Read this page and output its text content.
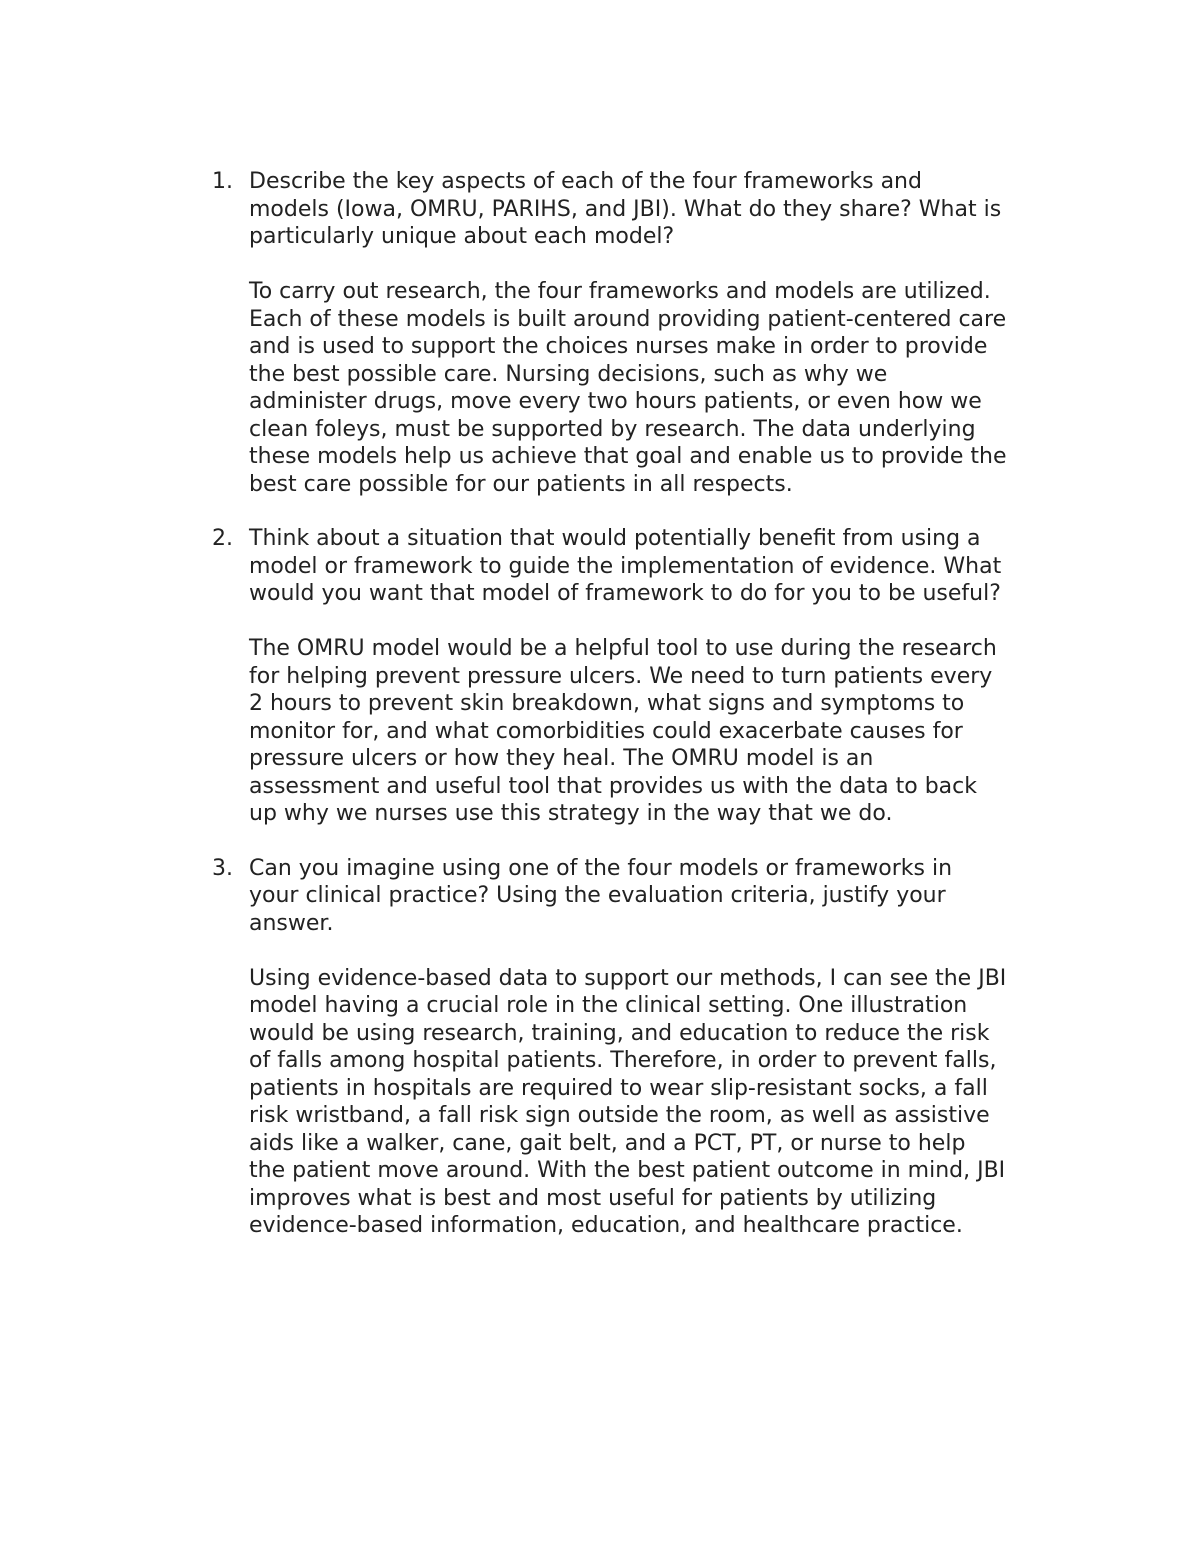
1. Describe the key aspects of each of the four frameworks and
models (Iowa, OMRU, PARIHS, and JBI). What do they share? What is
particularly unique about each model?

To carry out research, the four frameworks and models are utilized.
Each of these models is built around providing patient-centered care
and is used to support the choices nurses make in order to provide
the best possible care. Nursing decisions, such as why we
administer drugs, move every two hours patients, or even how we
clean foleys, must be supported by research. The data underlying
these models help us achieve that goal and enable us to provide the
best care possible for our patients in all respects.

2. Think about a situation that would potentially benefit from using a
model or framework to guide the implementation of evidence. What
would you want that model of framework to do for you to be useful?

The OMRU model would be a helpful tool to use during the research
for helping prevent pressure ulcers. We need to turn patients every
2 hours to prevent skin breakdown, what signs and symptoms to
monitor for, and what comorbidities could exacerbate causes for
pressure ulcers or how they heal. The OMRU model is an
assessment and useful tool that provides us with the data to back
up why we nurses use this strategy in the way that we do.

3. Can you imagine using one of the four models or frameworks in
your clinical practice? Using the evaluation criteria, justify your
answer.

Using evidence-based data to support our methods, I can see the JBI
model having a crucial role in the clinical setting. One illustration
would be using research, training, and education to reduce the risk
of falls among hospital patients. Therefore, in order to prevent falls,
patients in hospitals are required to wear slip-resistant socks, a fall
risk wristband, a fall risk sign outside the room, as well as assistive
aids like a walker, cane, gait belt, and a PCT, PT, or nurse to help
the patient move around. With the best patient outcome in mind, JBI
improves what is best and most useful for patients by utilizing
evidence-based information, education, and healthcare practice.
